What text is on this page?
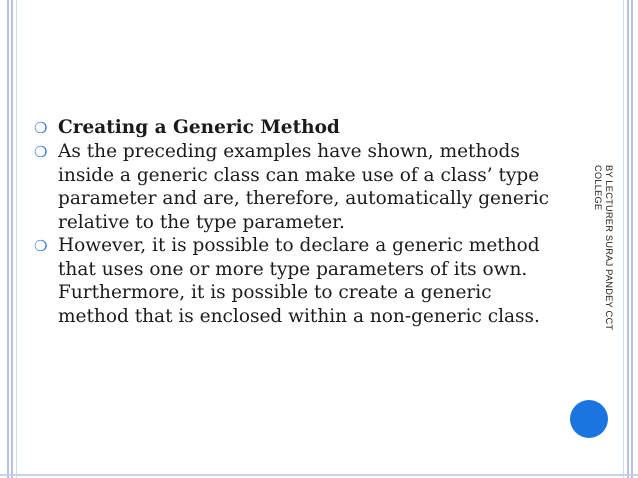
❍ Creating a Generic Method
❍ As the preceding examples have shown, methods inside a generic class can make use of a class’ type parameter and are, therefore, automatically generic relative to the type parameter.
❍ However, it is possible to declare a generic method that uses one or more type parameters of its own. Furthermore, it is possible to create a generic method that is enclosed within a non-generic class.
BY LECTURER SURAJ PANDEY CCT
COLLEGE
